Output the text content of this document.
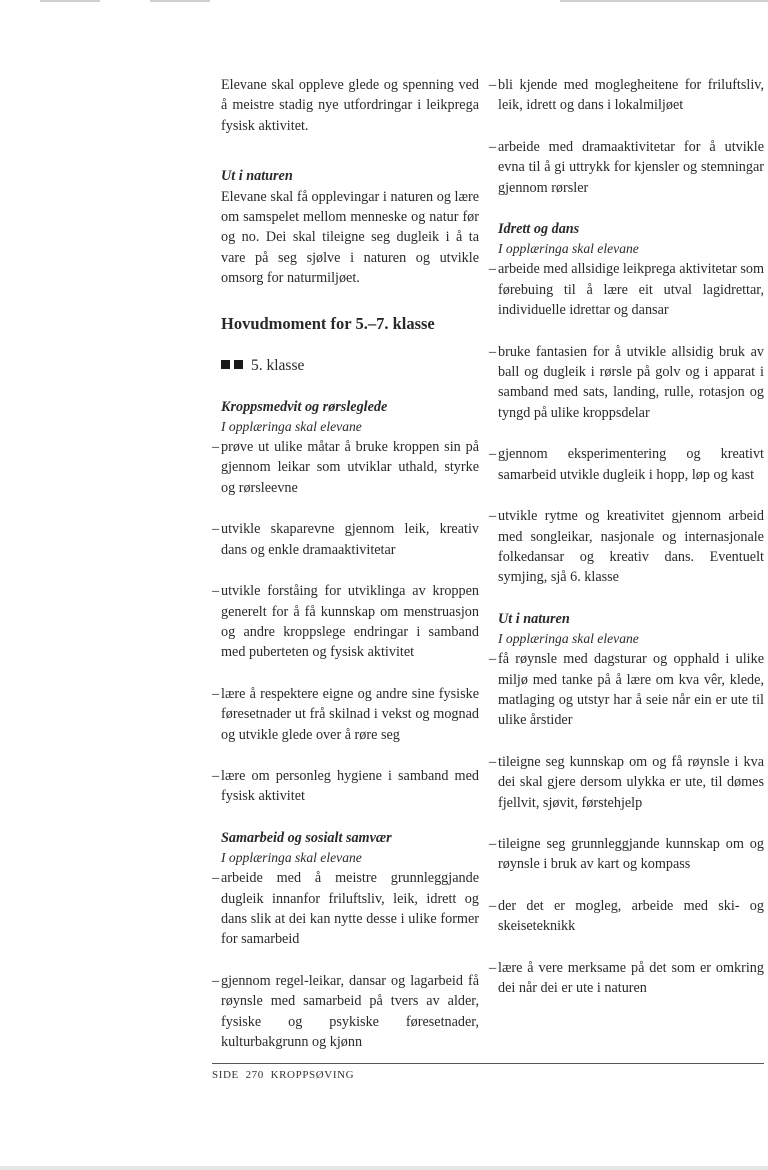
Elevane skal oppleve glede og spenning ved å meistre stadig nye utfordringar i leikprega fysisk aktivitet.

Ut i naturen

Elevane skal få opplevingar i naturen og lære om samspelet mellom menneske og natur før og no. Dei skal tileigne seg dugleik i å ta vare på seg sjølve i naturen og utvikle omsorg for naturmiljøet.

Hovudmoment for 5.–7. klasse
5. klasse

Kroppsmedvit og rørsleglede

I opplæringa skal elevane

– prøve ut ulike måtar å bruke kroppen sin på gjennom leikar som utviklar uthald, styrke og rørsleevne
– utvikle skaparevne gjennom leik, kreativ dans og enkle dramaaktivitetar
– utvikle forståing for utviklinga av kroppen generelt for å få kunnskap om menstruasjon og andre kroppslege endringar i samband med puberteten og fysisk aktivitet
– lære å respektere eigne og andre sine fysiske føresetnader ut frå skilnad i vekst og mognad og utvikle glede over å røre seg
– lære om personleg hygiene i samband med fysisk aktivitet

Samarbeid og sosialt samvær

I opplæringa skal elevane

– arbeide med å meistre grunnleggjande dugleik innanfor friluftsliv, leik, idrett og dans slik at dei kan nytte desse i ulike former for samarbeid
– gjennom regel-leikar, dansar og lagarbeid få røynsle med samarbeid på tvers av alder, fysiske og psykiske føresetnader, kulturbakgrunn og kjønn
– bli kjende med moglegheitene for friluftsliv, leik, idrett og dans i lokalmiljøet
– arbeide med dramaaktivitetar for å utvikle evna til å gi uttrykk for kjensler og stemningar gjennom rørsler

Idrett og dans

I opplæringa skal elevane

– arbeide med allsidige leikprega aktivitetar som førebuing til å lære eit utval lagidrettar, individuelle idrettar og dansar
– bruke fantasien for å utvikle allsidig bruk av ball og dugleik i rørsle på golv og i apparat i samband med sats, landing, rulle, rotasjon og tyngd på ulike kroppsdelar
– gjennom eksperimentering og kreativt samarbeid utvikle dugleik i hopp, løp og kast
– utvikle rytme og kreativitet gjennom arbeid med songleikar, nasjonale og internasjonale folkedansar og kreativ dans. Eventuelt symjing, sjå 6. klasse

Ut i naturen

I opplæringa skal elevane

– få røynsle med dagsturar og opphald i ulike miljø med tanke på å lære om kva vêr, klede, matlaging og utstyr har å seie når ein er ute til ulike årstider
– tileigne seg kunnskap om og få røynsle i kva dei skal gjere dersom ulykka er ute, til dømes fjellvit, sjøvit, førstehjelp
– tileigne seg grunnleggjande kunnskap om og røynsle i bruk av kart og kompass
– der det er mogleg, arbeide med ski- og skeiseteknikk
– lære å vere merksame på det som er omkring dei når dei er ute i naturen
SIDE 270 KROPPSØVING
